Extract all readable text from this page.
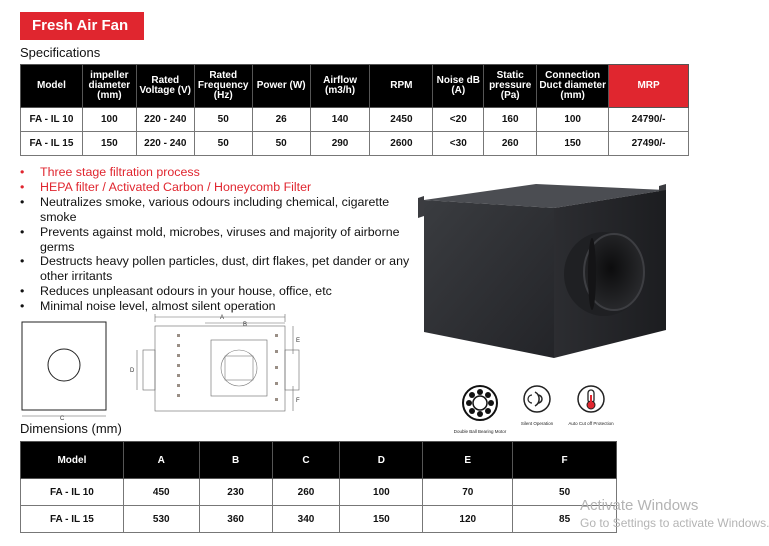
Fresh Air Fan
Specifications
Model	impeller diameter (mm)	Rated Voltage (V)	Rated Frequency (Hz)	Power (W)	Airflow (m3/h)	RPM	Noise dB (A)	Static pressure (Pa)	Connection Duct diameter (mm)	MRP
FA - IL 10	100	220 - 240	50	26	140	2450	<20	160	100	24790/-
FA - IL 15	150	220 - 240	50	50	290	2600	<30	260	150	27490/-
• Three stage filtration process
• HEPA filter / Activated Carbon / Honeycomb Filter
• Neutralizes smoke, various odours including chemical, cigarette smoke
• Prevents against mold, microbes, viruses and majority of airborne germs
• Destructs heavy pollen particles, dust, dirt flakes, pet dander or any other irritants
• Reduces unpleasant odours in your house, office, etc
• Minimal noise level, almost silent operation
C
A
B
D
E
F
Double Ball Bearing Motor
Silent Operation	Auto Cut off Protection
Dimensions (mm)
Model	A	B	C	D	E	F
FA - IL 10	450	230	260	100	70	50
FA - IL 15	530	360	340	150	120	85
Activate Windows
Go to Settings to activate Windows.
